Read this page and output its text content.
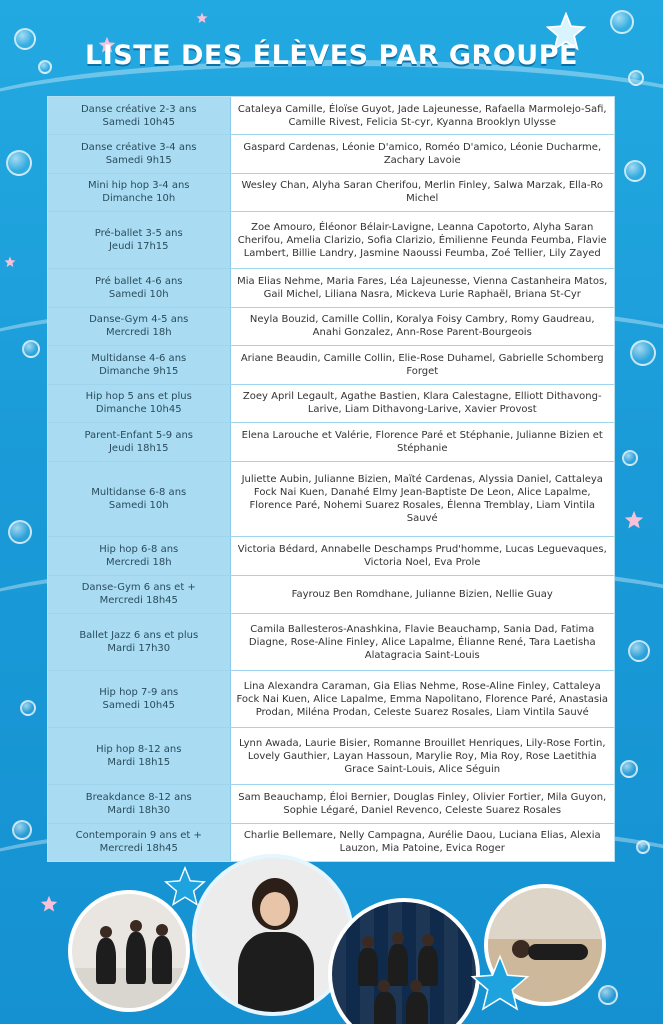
LISTE DES ÉLÈVES PAR GROUPE
Danse créative 2-3 ans
Samedi 10h45	Cataleya Camille, Éloïse Guyot, Jade Lajeunesse, Rafaella Marmolejo-Safi, Camille Rivest, Felicia St-cyr, Kyanna Brooklyn Ulysse

Danse créative 3-4 ans
Samedi 9h15	Gaspard Cardenas, Léonie D'amico, Roméo D'amico, Léonie Ducharme, Zachary Lavoie

Mini hip hop 3-4 ans
Dimanche 10h	Wesley Chan, Alyha Saran Cherifou, Merlin Finley, Salwa Marzak, Ella-Ro Michel

Pré-ballet 3-5 ans
Jeudi 17h15	Zoe Amouro, Éléonor Bélair-Lavigne, Leanna Capotorto, Alyha Saran Cherifou, Amelia Clarizio, Sofia Clarizio, Émilienne Feunda Feumba, Flavie Lambert, Billie Landry, Jasmine Naoussi Feumba, Zoé Tellier, Lily Zayed

Pré ballet 4-6 ans
Samedi 10h	Mia Elias Nehme, Maria Fares, Léa Lajeunesse, Vienna Castanheira Matos, Gail Michel, Liliana Nasra, Mickeva Lurie Raphaël, Briana St-Cyr

Danse-Gym 4-5 ans
Mercredi 18h	Neyla Bouzid, Camille Collin, Koralya Foisy Cambry, Romy Gaudreau, Anahi Gonzalez, Ann-Rose Parent-Bourgeois

Multidanse 4-6 ans
Dimanche 9h15	Ariane Beaudin, Camille Collin, Elie-Rose Duhamel, Gabrielle Schomberg Forget

Hip hop 5 ans et plus
Dimanche 10h45	Zoey April Legault, Agathe Bastien, Klara Calestagne, Elliott Dithavong-Larive, Liam Dithavong-Larive, Xavier Provost

Parent-Enfant 5-9 ans
Jeudi 18h15	Elena Larouche et Valérie, Florence Paré et Stéphanie, Julianne Bizien et Stéphanie

Multidanse 6-8 ans
Samedi 10h	Juliette Aubin, Julianne Bizien, Maïté Cardenas, Alyssia Daniel, Cattaleya Fock Nai Kuen, Danahé Elmy Jean-Baptiste De Leon, Alice Lapalme, Florence Paré, Nohemi Suarez Rosales, Élenna Tremblay, Liam Vintila Sauvé

Hip hop 6-8 ans
Mercredi 18h	Victoria Bédard, Annabelle Deschamps Prud'homme, Lucas Leguevaques, Victoria Noel, Eva Prole

Danse-Gym 6 ans et +
Mercredi 18h45	Fayrouz Ben Romdhane, Julianne Bizien, Nellie Guay

Ballet Jazz 6 ans et plus
Mardi 17h30	Camila Ballesteros-Anashkina, Flavie Beauchamp, Sania Dad, Fatima Diagne, Rose-Aline Finley, Alice Lapalme, Élianne René, Tara Laetisha Alatagracia Saint-Louis

Hip hop 7-9 ans
Samedi 10h45	Lina Alexandra Caraman, Gia Elias Nehme, Rose-Aline Finley, Cattaleya Fock Nai Kuen, Alice Lapalme, Emma Napolitano, Florence Paré, Anastasia Prodan, Miléna Prodan, Celeste Suarez Rosales, Liam Vintila Sauvé

Hip hop 8-12 ans
Mardi 18h15	Lynn Awada, Laurie Bisier, Romanne Brouillet Henriques, Lily-Rose Fortin, Lovely Gauthier, Layan Hassoun, Marylie Roy, Mia Roy, Rose Laetithia Grace Saint-Louis, Alice Séguin

Breakdance 8-12 ans
Mardi 18h30	Sam Beauchamp, Éloi Bernier, Douglas Finley, Olivier Fortier, Mila Guyon, Sophie Légaré, Daniel Revenco, Celeste Suarez Rosales

Contemporain 9 ans et +
Mercredi 18h45	Charlie Bellemare, Nelly Campagna, Aurélie Daou, Luciana Elias, Alexia Lauzon, Mia Patoine, Evica Roger
